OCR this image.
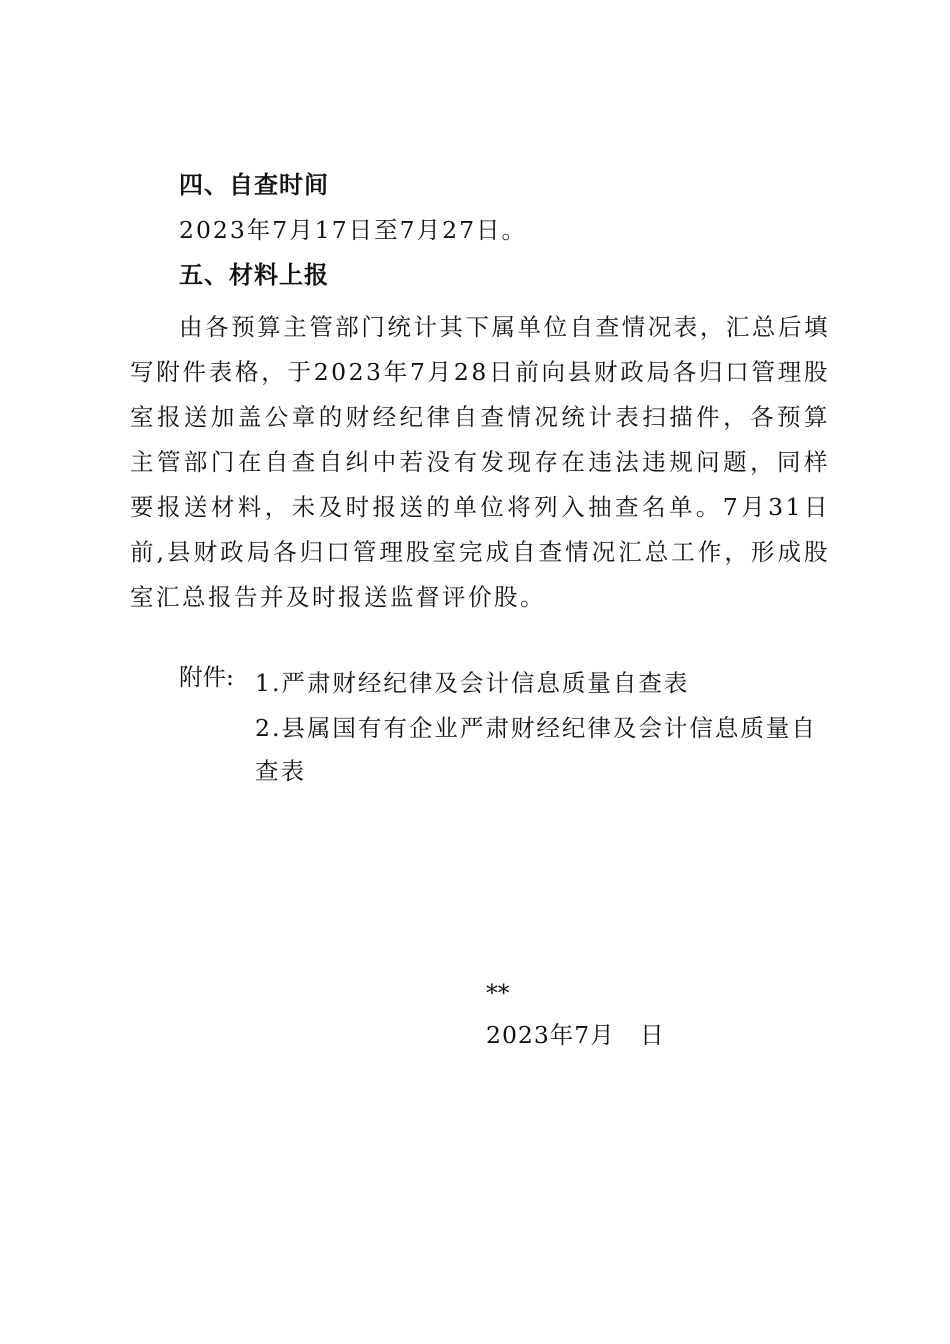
四、自查时间
2023年7月17日至7月27日。
五、材料上报
由各预算主管部门统计其下属单位自查情况表，汇总后填写附件表格，于2023年7月28日前向县财政局各归口管理股室报送加盖公章的财经纪律自查情况统计表扫描件，各预算主管部门在自查自纠中若没有发现存在违法违规问题，同样要报送材料，未及时报送的单位将列入抽查名单。7月31日前,县财政局各归口管理股室完成自查情况汇总工作，形成股室汇总报告并及时报送监督评价股。
附件: 1.严肃财经纪律及会计信息质量自查表
2.县属国有有企业严肃财经纪律及会计信息质量自查表
**
2023年7月   日
